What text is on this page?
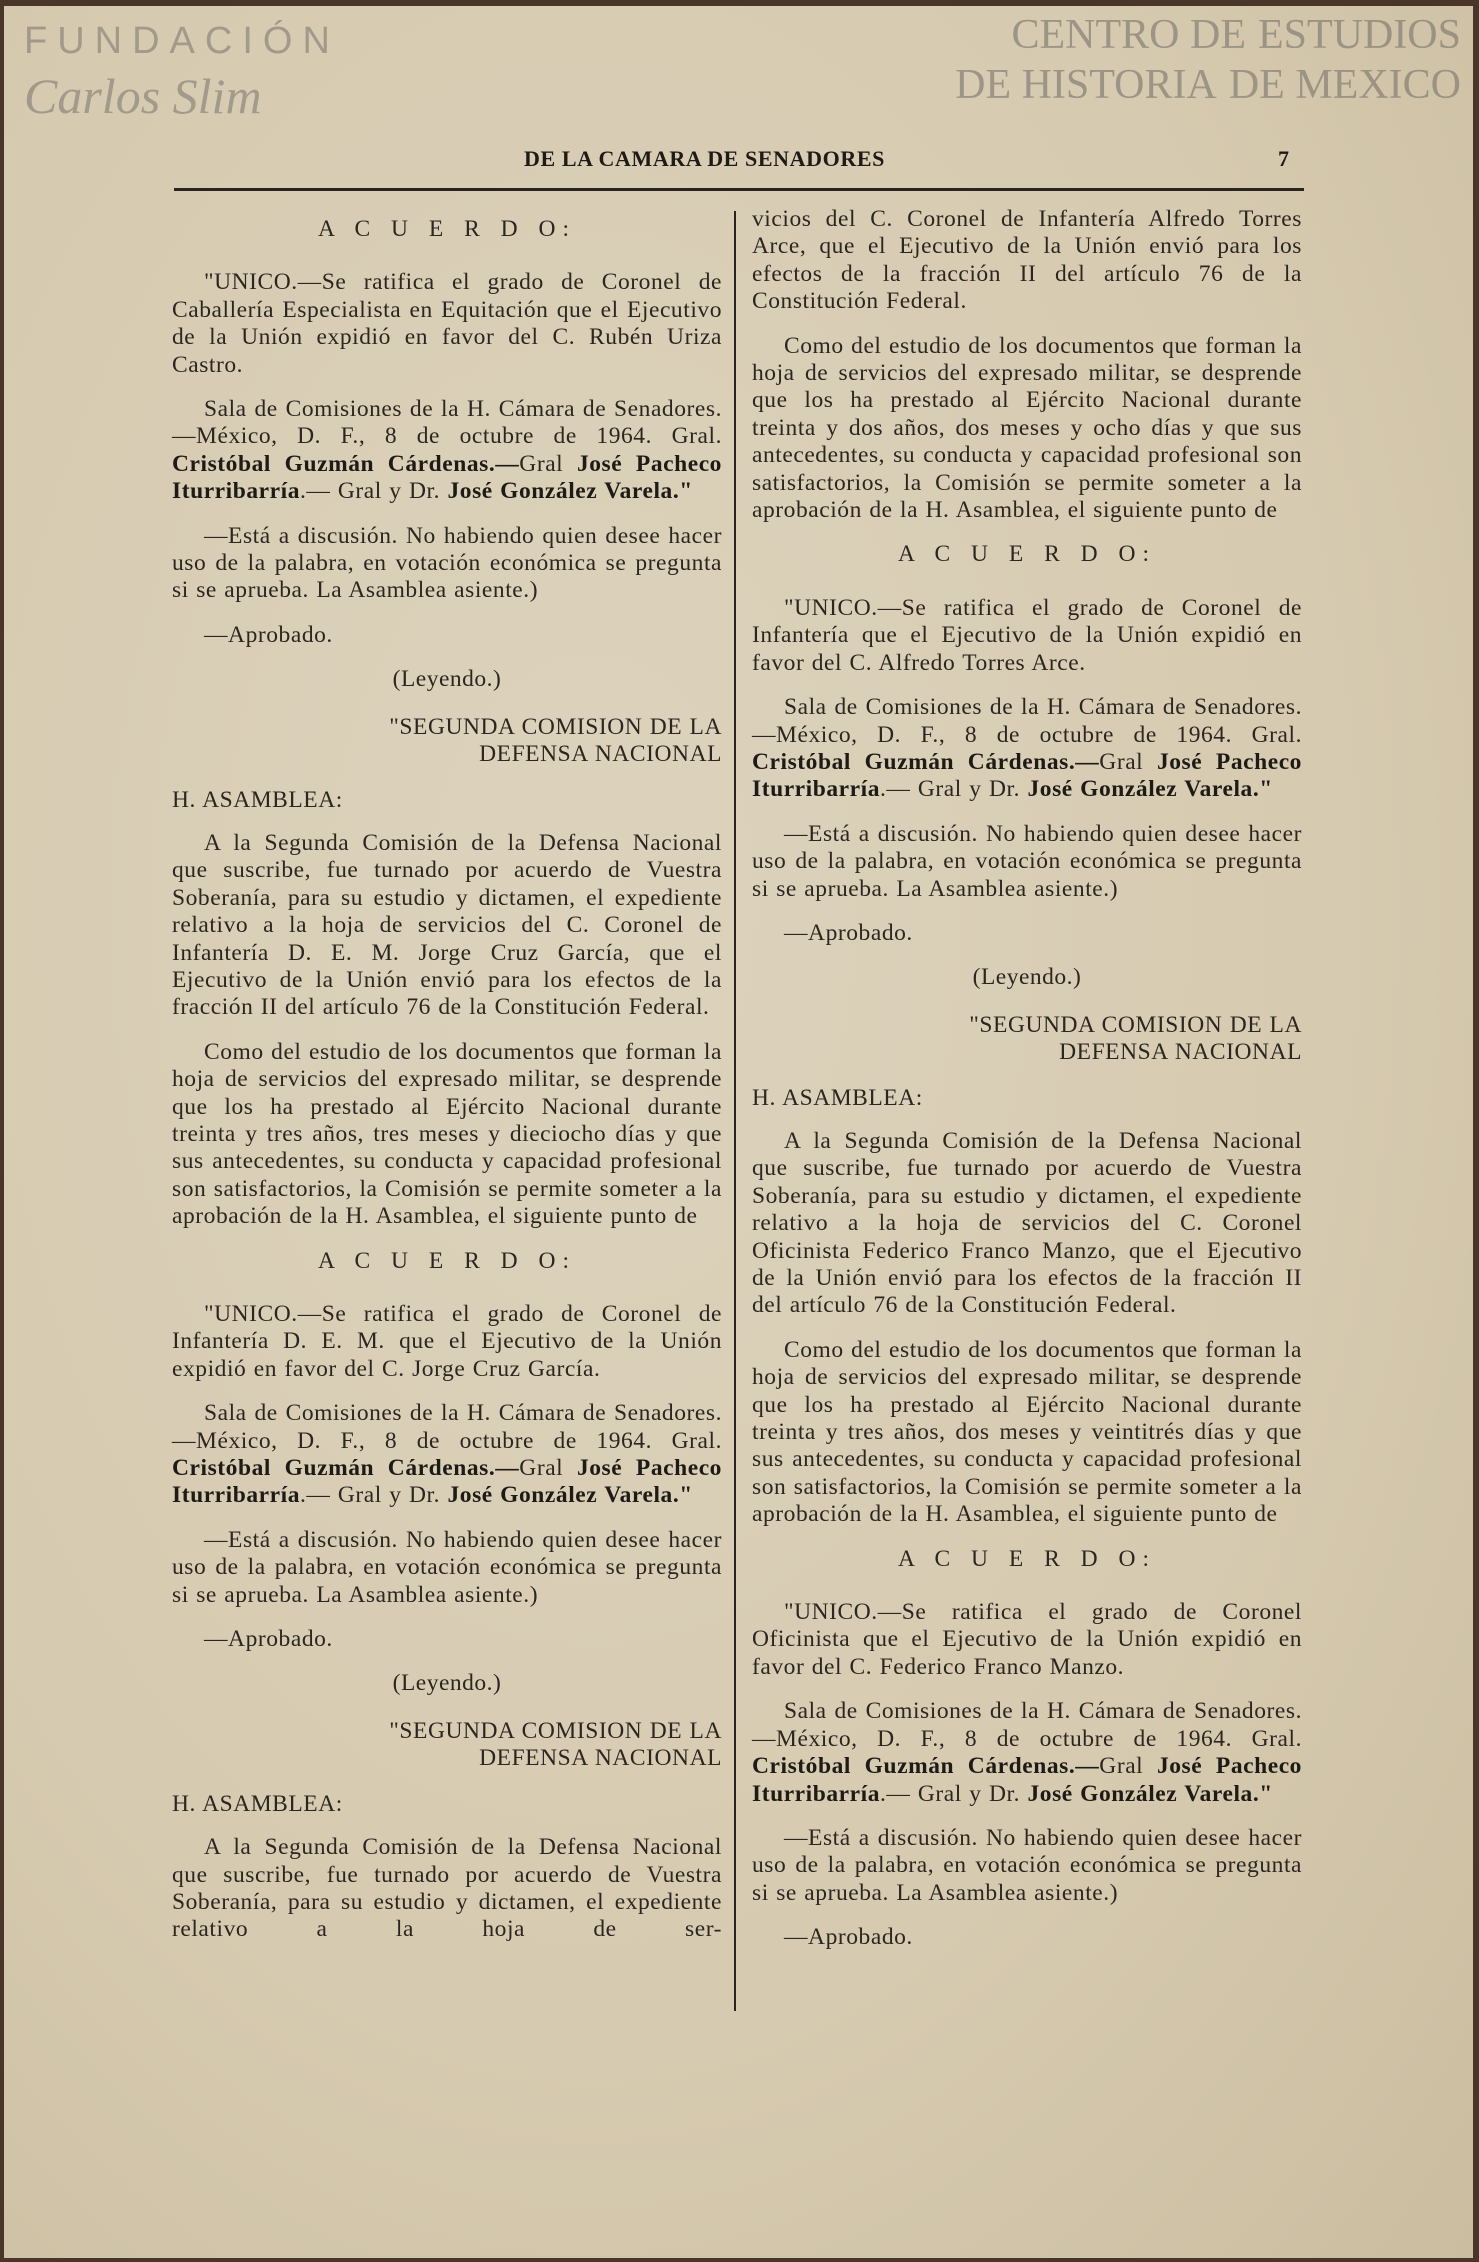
CENTRO DE ESTUDIOS
DE HISTORIA DE MEXICO
FUNDACIÓN
Carlos Slim
DE LA CAMARA DE SENADORES	7
A C U E R D O:
"UNICO.—Se ratifica el grado de Coronel de Caballería Especialista en Equitación que el Ejecutivo de la Unión expidió en favor del C. Rubén Uriza Castro.
Sala de Comisiones de la H. Cámara de Senadores.—México, D. F., 8 de octubre de 1964. Gral. Cristóbal Guzmán Cárdenas.—Gral José Pacheco Iturribarría.— Gral y Dr. José González Varela."
—Está a discusión. No habiendo quien desee hacer uso de la palabra, en votación económica se pregunta si se aprueba. La Asamblea asiente.)
—Aprobado.
(Leyendo.)
"SEGUNDA COMISION DE LA
DEFENSA NACIONAL
H. ASAMBLEA:
A la Segunda Comisión de la Defensa Nacional que suscribe, fue turnado por acuerdo de Vuestra Soberanía, para su estudio y dictamen, el expediente relativo a la hoja de servicios del C. Coronel de Infantería D. E. M. Jorge Cruz García, que el Ejecutivo de la Unión envió para los efectos de la fracción II del artículo 76 de la Constitución Federal.
Como del estudio de los documentos que forman la hoja de servicios del expresado militar, se desprende que los ha prestado al Ejército Nacional durante treinta y tres años, tres meses y dieciocho días y que sus antecedentes, su conducta y capacidad profesional son satisfactorios, la Comisión se permite someter a la aprobación de la H. Asamblea, el siguiente punto de
A C U E R D O:
"UNICO.—Se ratifica el grado de Coronel de Infantería D. E. M. que el Ejecutivo de la Unión expidió en favor del C. Jorge Cruz García.
Sala de Comisiones de la H. Cámara de Senadores.—México, D. F., 8 de octubre de 1964. Gral. Cristóbal Guzmán Cárdenas.—Gral José Pacheco Iturribarría.— Gral y Dr. José González Varela."
—Está a discusión. No habiendo quien desee hacer uso de la palabra, en votación económica se pregunta si se aprueba. La Asamblea asiente.)
—Aprobado.
(Leyendo.)
"SEGUNDA COMISION DE LA
DEFENSA NACIONAL
H. ASAMBLEA:
A la Segunda Comisión de la Defensa Nacional que suscribe, fue turnado por acuerdo de Vuestra Soberanía, para su estudio y dictamen, el expediente relativo a la hoja de ser-
vicios del C. Coronel de Infantería Alfredo Torres Arce, que el Ejecutivo de la Unión envió para los efectos de la fracción II del artículo 76 de la Constitución Federal.
Como del estudio de los documentos que forman la hoja de servicios del expresado militar, se desprende que los ha prestado al Ejército Nacional durante treinta y dos años, dos meses y ocho días y que sus antecedentes, su conducta y capacidad profesional son satisfactorios, la Comisión se permite someter a la aprobación de la H. Asamblea, el siguiente punto de
A C U E R D O:
"UNICO.—Se ratifica el grado de Coronel de Infantería que el Ejecutivo de la Unión expidió en favor del C. Alfredo Torres Arce.
Sala de Comisiones de la H. Cámara de Senadores.—México, D. F., 8 de octubre de 1964. Gral. Cristóbal Guzmán Cárdenas.—Gral José Pacheco Iturribarría.— Gral y Dr. José González Varela."
—Está a discusión. No habiendo quien desee hacer uso de la palabra, en votación económica se pregunta si se aprueba. La Asamblea asiente.)
—Aprobado.
(Leyendo.)
"SEGUNDA COMISION DE LA
DEFENSA NACIONAL
H. ASAMBLEA:
A la Segunda Comisión de la Defensa Nacional que suscribe, fue turnado por acuerdo de Vuestra Soberanía, para su estudio y dictamen, el expediente relativo a la hoja de servicios del C. Coronel Oficinista Federico Franco Manzo, que el Ejecutivo de la Unión envió para los efectos de la fracción II del artículo 76 de la Constitución Federal.
Como del estudio de los documentos que forman la hoja de servicios del expresado militar, se desprende que los ha prestado al Ejército Nacional durante treinta y tres años, dos meses y veintitrés días y que sus antecedentes, su conducta y capacidad profesional son satisfactorios, la Comisión se permite someter a la aprobación de la H. Asamblea, el siguiente punto de
A C U E R D O:
"UNICO.—Se ratifica el grado de Coronel Oficinista que el Ejecutivo de la Unión expidió en favor del C. Federico Franco Manzo.
Sala de Comisiones de la H. Cámara de Senadores.—México, D. F., 8 de octubre de 1964. Gral. Cristóbal Guzmán Cárdenas.—Gral José Pacheco Iturribarría.— Gral y Dr. José González Varela."
—Está a discusión. No habiendo quien desee hacer uso de la palabra, en votación económica se pregunta si se aprueba. La Asamblea asiente.)
—Aprobado.
